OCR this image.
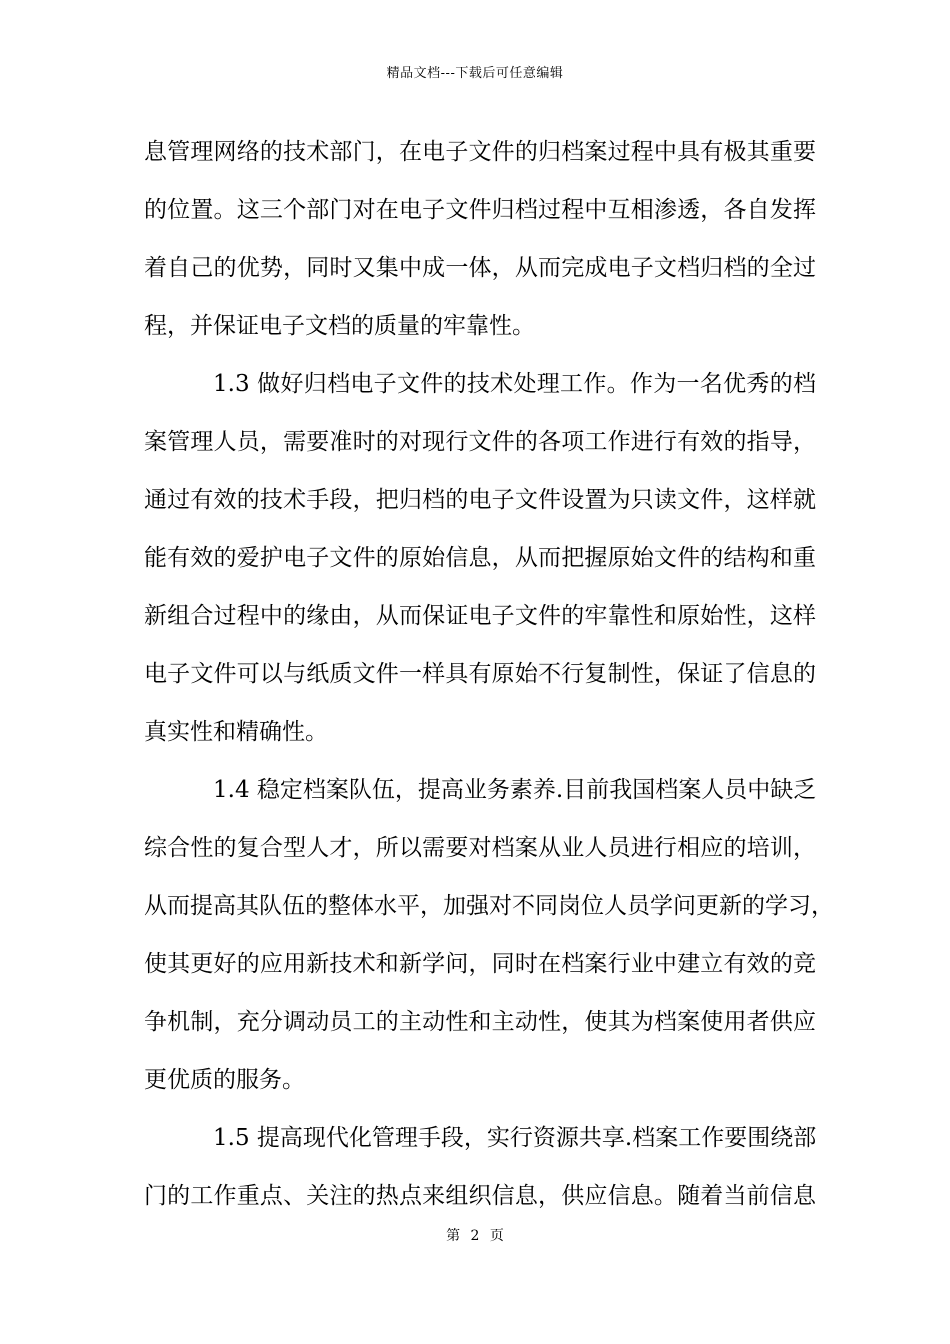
精品文档---下载后可任意编辑
息管理网络的技术部门，在电子文件的归档案过程中具有极其重要
的位置。这三个部门对在电子文件归档过程中互相渗透，各自发挥
着自己的优势，同时又集中成一体，从而完成电子文档归档的全过
程，并保证电子文档的质量的牢靠性。
1.3 做好归档电子文件的技术处理工作。作为一名优秀的档
案管理人员，需要准时的对现行文件的各项工作进行有效的指导，
通过有效的技术手段，把归档的电子文件设置为只读文件，这样就
能有效的爱护电子文件的原始信息，从而把握原始文件的结构和重
新组合过程中的缘由，从而保证电子文件的牢靠性和原始性，这样
电子文件可以与纸质文件一样具有原始不行复制性，保证了信息的
真实性和精确性。
1.4 稳定档案队伍，提高业务素养.目前我国档案人员中缺乏
综合性的复合型人才，所以需要对档案从业人员进行相应的培训，
从而提高其队伍的整体水平，加强对不同岗位人员学问更新的学习，
使其更好的应用新技术和新学问，同时在档案行业中建立有效的竞
争机制，充分调动员工的主动性和主动性，使其为档案使用者供应
更优质的服务。
1.5 提高现代化管理手段，实行资源共享.档案工作要围绕部
门的工作重点、关注的热点来组织信息，供应信息。随着当前信息
第 2 页
